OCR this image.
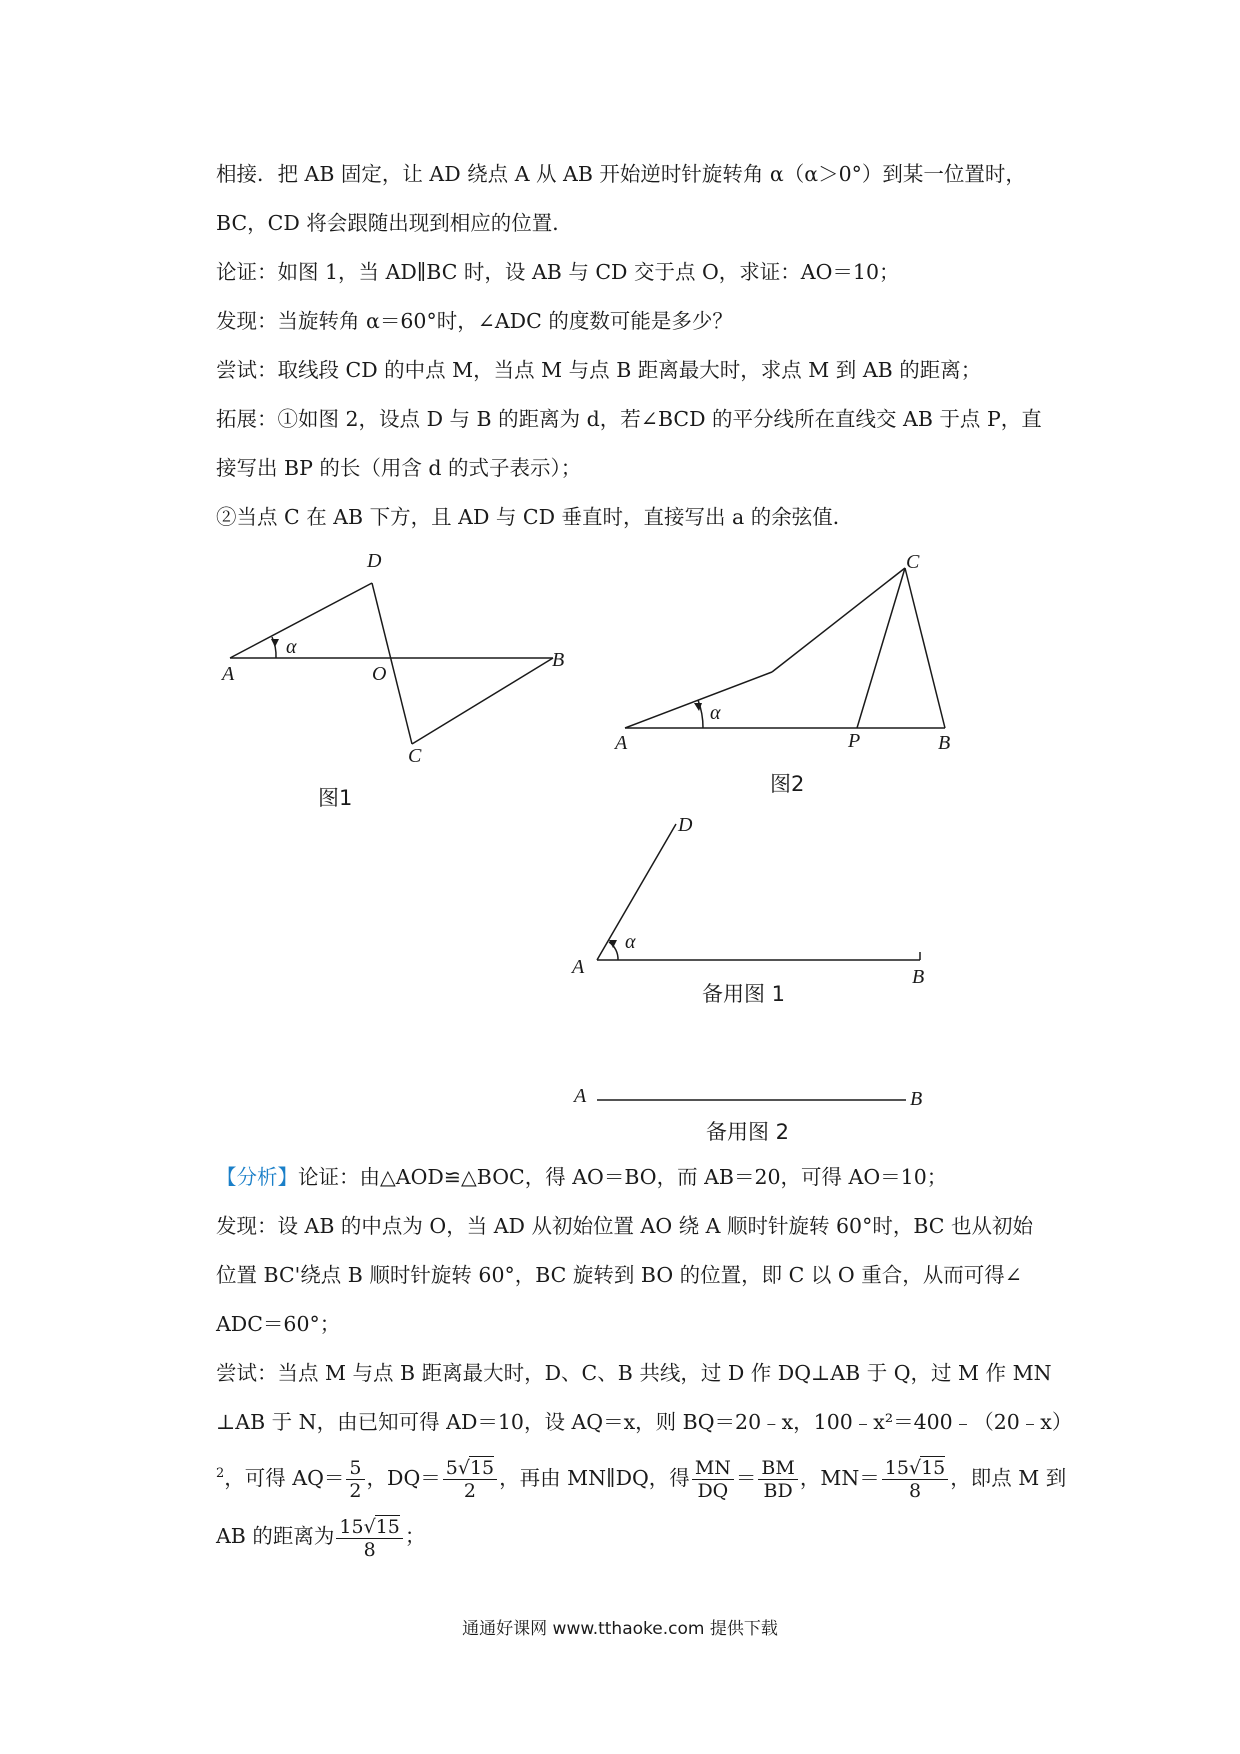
相接．把 AB 固定，让 AD 绕点 A 从 AB 开始逆时针旋转角 α（α＞0°）到某一位置时，
BC，CD 将会跟随出现到相应的位置．
论证：如图 1，当 AD∥BC 时，设 AB 与 CD 交于点 O，求证：AO＝10；
发现：当旋转角 α＝60°时，∠ADC 的度数可能是多少？
尝试：取线段 CD 的中点 M，当点 M 与点 B 距离最大时，求点 M 到 AB 的距离；
拓展：①如图 2，设点 D 与 B 的距离为 d，若∠BCD 的平分线所在直线交 AB 于点 P，直
接写出 BP 的长（用含 d 的式子表示）；
②当点 C 在 AB 下方，且 AD 与 CD 垂直时，直接写出 a 的余弦值．
D
A	O
B
C
α
图1
C
A	P	B
α
图2
D
A	B
α
备用图 1
A	B
备用图 2
【分析】论证：由△AOD≌△BOC，得 AO＝BO，而 AB＝20，可得 AO＝10；
发现：设 AB 的中点为 O，当 AD 从初始位置 AO 绕 A 顺时针旋转 60°时，BC 也从初始
位置 BC'绕点 B 顺时针旋转 60°，BC 旋转到 BO 的位置，即 C 以 O 重合，从而可得∠
ADC＝60°；
尝试：当点 M 与点 B 距离最大时，D、C、B 共线，过 D 作 DQ⊥AB 于 Q，过 M 作 MN
⊥AB 于 N，由已知可得 AD＝10，设 AQ＝x，则 BQ＝20﹣x，100﹣x²＝400﹣（20﹣x）
$^2$，可得 $AQ= \frac{5}{2}$ ，$DQ= \frac{5√15}{2}$ ，再由 MN∥DQ，得 $\frac{MN}{DQ} = \frac{BM}{BD}$ ，$MN= \frac{15√15}{8}$ ，即点 M 到
AB 的距离为 $\frac{15√15}{8}$ ；
通通好课网 www.tthaoke.com 提供下载
